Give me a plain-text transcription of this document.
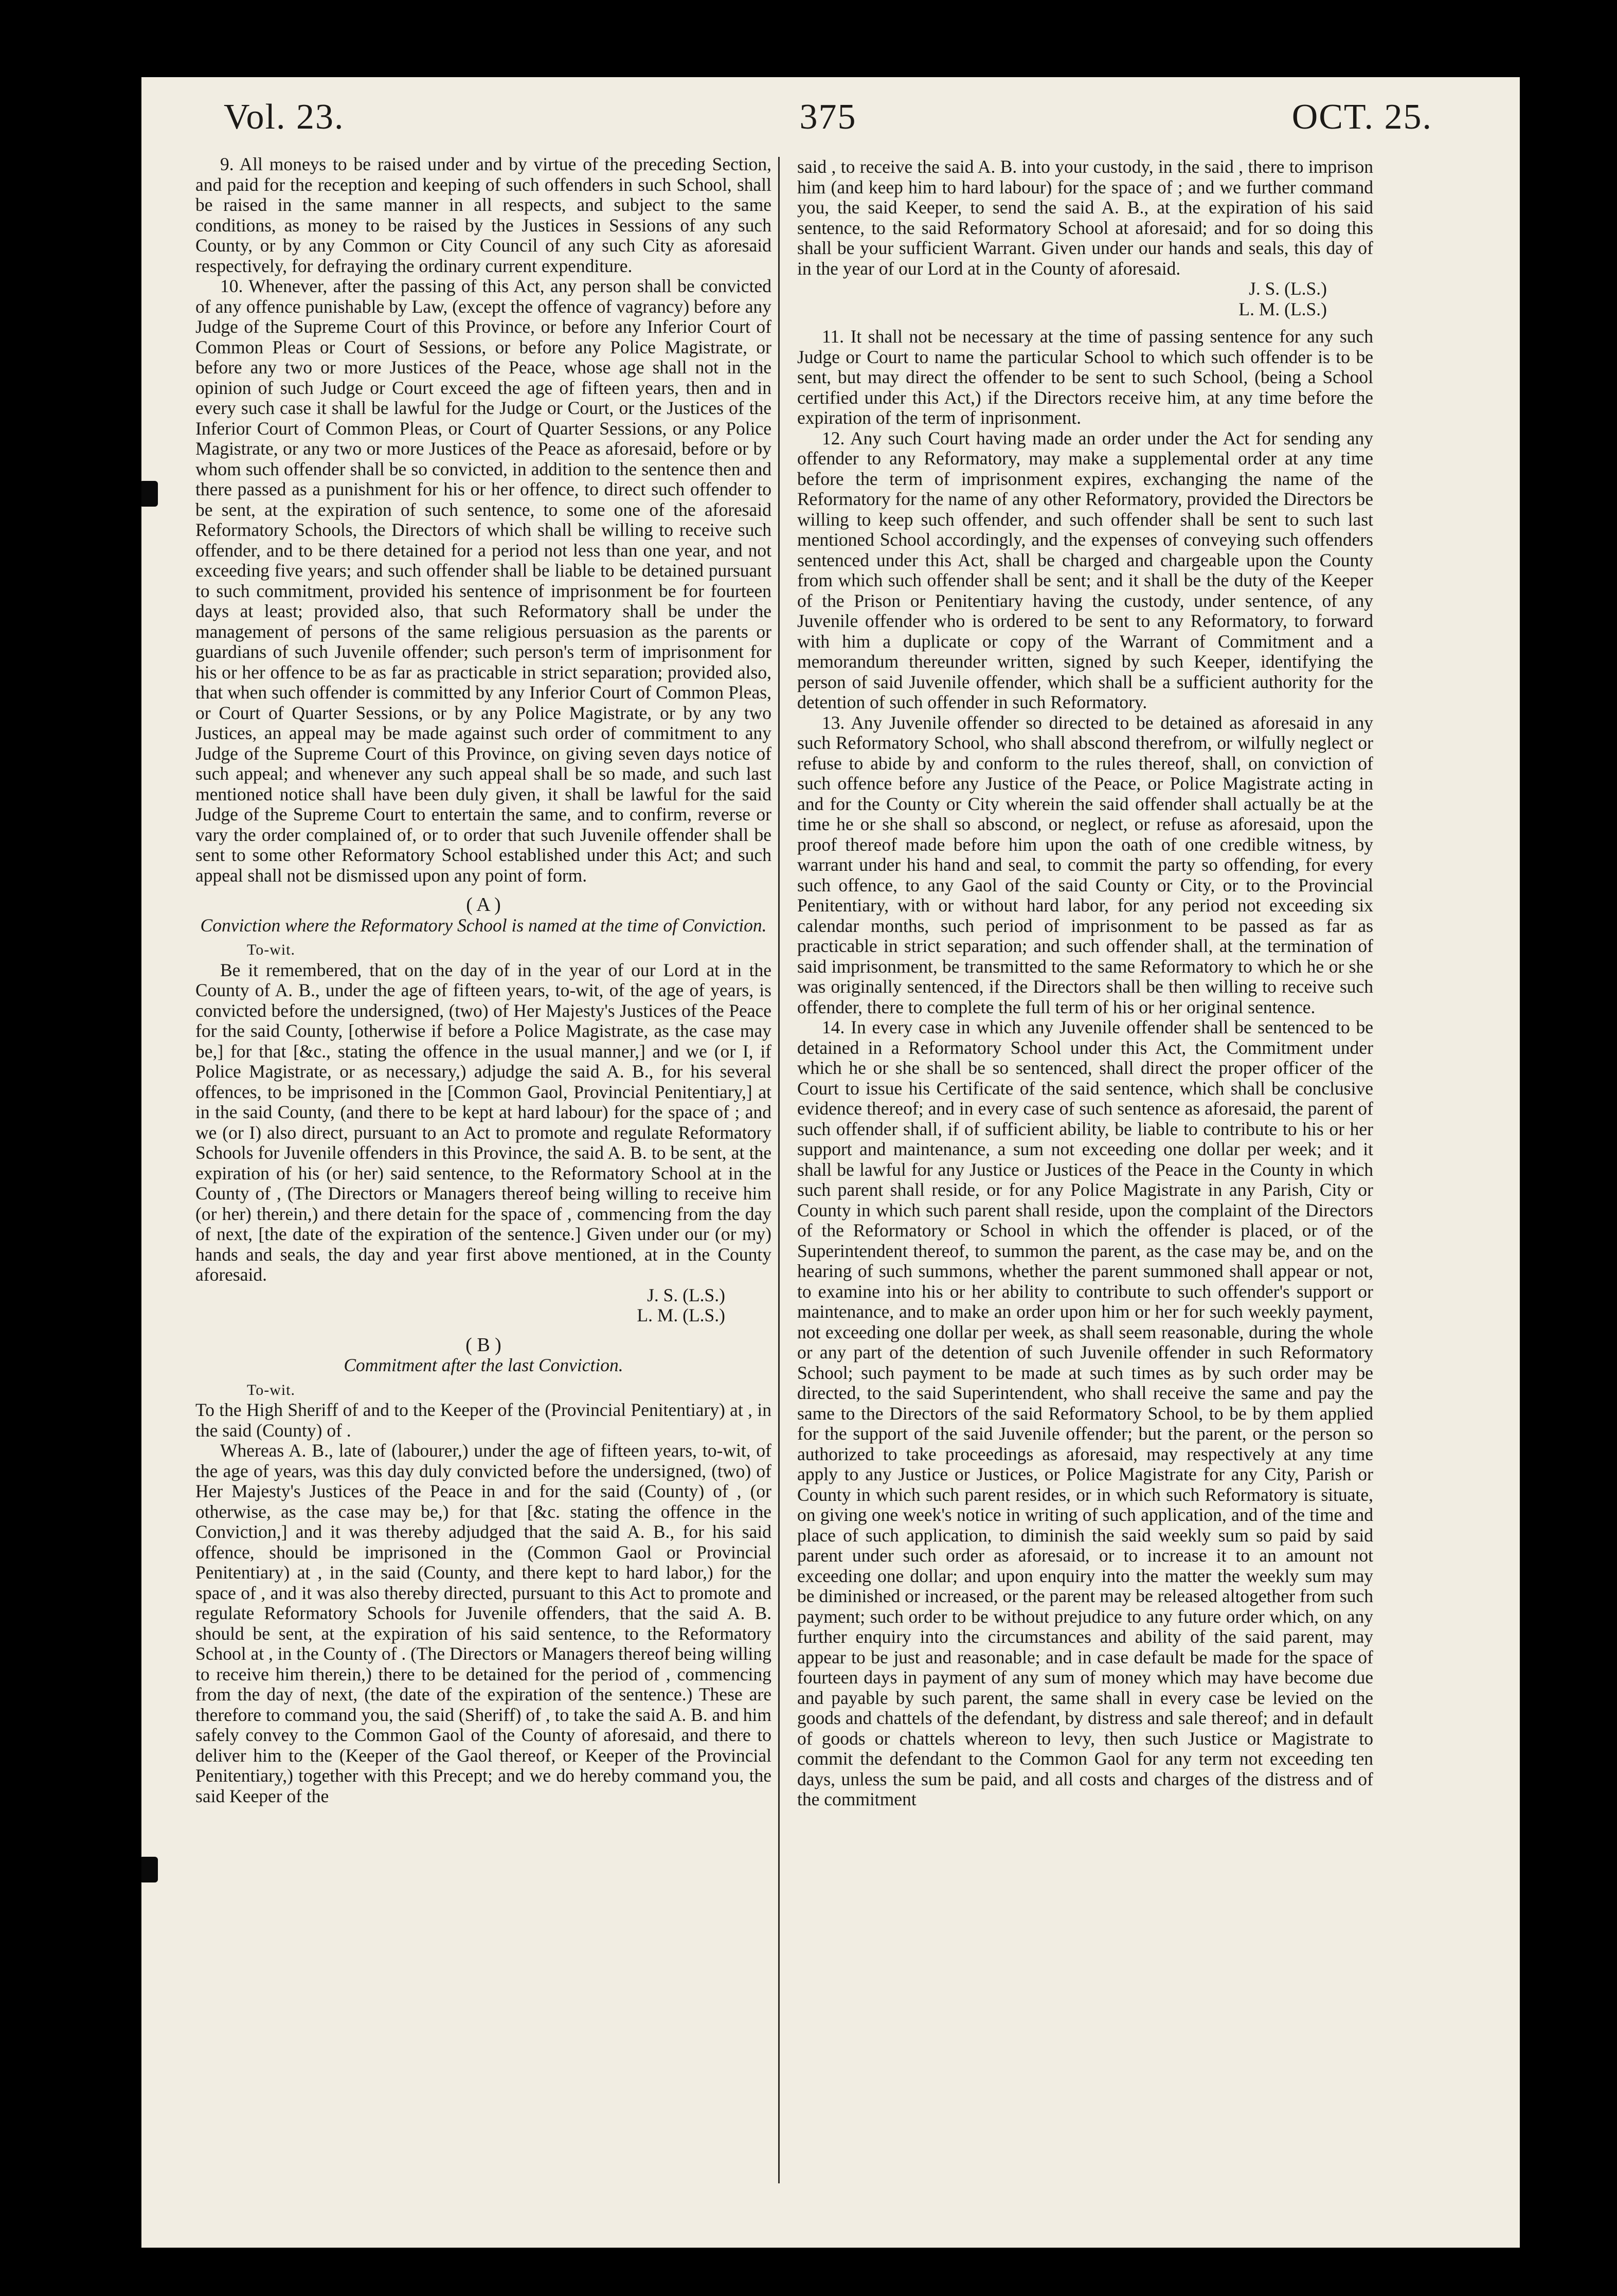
Vol. 23.	375	OCT. 25.

9. All moneys to be raised under and by virtue of the preceding Section, and paid for the reception and keeping of such offenders in such School, shall be raised in the same manner in all respects, and subject to the same conditions, as money to be raised by the Justices in Sessions of any such County, or by any Common or City Council of any such City as aforesaid respectively, for defraying the ordinary current expenditure.

10. Whenever, after the passing of this Act, any person shall be convicted of any offence punishable by Law, (except the offence of vagrancy) before any Judge of the Supreme Court of this Province, or before any Inferior Court of Common Pleas or Court of Sessions, or before any Police Magistrate, or before any two or more Justices of the Peace, whose age shall not in the opinion of such Judge or Court exceed the age of fifteen years, then and in every such case it shall be lawful for the Judge or Court, or the Justices of the Inferior Court of Common Pleas, or Court of Quarter Sessions, or any Police Magistrate, or any two or more Justices of the Peace as aforesaid, before or by whom such offender shall be so convicted, in addition to the sentence then and there passed as a punishment for his or her offence, to direct such offender to be sent, at the expiration of such sentence, to some one of the aforesaid Reformatory Schools, the Directors of which shall be willing to receive such offender, and to be there detained for a period not less than one year, and not exceeding five years; and such offender shall be liable to be detained pursuant to such commitment, provided his sentence of imprisonment be for fourteen days at least; provided also, that such Reformatory shall be under the management of persons of the same religious persuasion as the parents or guardians of such Juvenile offender; such person's term of imprisonment for his or her offence to be as far as practicable in strict separation; provided also, that when such offender is committed by any Inferior Court of Common Pleas, or Court of Quarter Sessions, or by any Police Magistrate, or by any two Justices, an appeal may be made against such order of commitment to any Judge of the Supreme Court of this Province, on giving seven days notice of such appeal; and whenever any such appeal shall be so made, and such last mentioned notice shall have been duly given, it shall be lawful for the said Judge of the Supreme Court to entertain the same, and to confirm, reverse or vary the order complained of, or to order that such Juvenile offender shall be sent to some other Reformatory School established under this Act; and such appeal shall not be dismissed upon any point of form.

( A )

Conviction where the Reformatory School is named at the time of Conviction.

To-wit.

Be it remembered, that on the day of in the year of our Lord at in the County of A. B., under the age of fifteen years, to-wit, of the age of years, is convicted before the undersigned, (two) of Her Majesty's Justices of the Peace for the said County, [otherwise if before a Police Magistrate, as the case may be,] for that [&c., stating the offence in the usual manner,] and we (or I, if Police Magistrate, or as necessary,) adjudge the said A. B., for his several offences, to be imprisoned in the [Common Gaol, Provincial Penitentiary,] at in the said County, (and there to be kept at hard labour) for the space of ; and we (or I) also direct, pursuant to an Act to promote and regulate Reformatory Schools for Juvenile offenders in this Province, the said A. B. to be sent, at the expiration of his (or her) said sentence, to the Reformatory School at in the County of , (The Directors or Managers thereof being willing to receive him (or her) therein,) and there detain for the space of , commencing from the day of next, [the date of the expiration of the sentence.] Given under our (or my) hands and seals, the day and year first above mentioned, at in the County aforesaid.

J. S. (L.S.)

L. M. (L.S.)

( B )

Commitment after the last Conviction.

To-wit.

To the High Sheriff of and to the Keeper of the (Provincial Penitentiary) at , in the said (County) of .

Whereas A. B., late of (labourer,) under the age of fifteen years, to-wit, of the age of years, was this day duly convicted before the undersigned, (two) of Her Majesty's Justices of the Peace in and for the said (County) of , (or otherwise, as the case may be,) for that [&c. stating the offence in the Conviction,] and it was thereby adjudged that the said A. B., for his said offence, should be imprisoned in the (Common Gaol or Provincial Penitentiary) at , in the said (County, and there kept to hard labor,) for the space of , and it was also thereby directed, pursuant to this Act to promote and regulate Reformatory Schools for Juvenile offenders, that the said A. B. should be sent, at the expiration of his said sentence, to the Reformatory School at , in the County of . (The Directors or Managers thereof being willing to receive him therein,) there to be detained for the period of , commencing from the day of next, (the date of the expiration of the sentence.) These are therefore to command you, the said (Sheriff) of , to take the said A. B. and him safely convey to the Common Gaol of the County of aforesaid, and there to deliver him to the (Keeper of the Gaol thereof, or Keeper of the Provincial Penitentiary,) together with this Precept; and we do hereby command you, the said Keeper of the

said , to receive the said A. B. into your custody, in the said , there to imprison him (and keep him to hard labour) for the space of ; and we further command you, the said Keeper, to send the said A. B., at the expiration of his said sentence, to the said Reformatory School at aforesaid; and for so doing this shall be your sufficient Warrant. Given under our hands and seals, this day of in the year of our Lord at in the County of aforesaid.

J. S. (L.S.)

L. M. (L.S.)

11. It shall not be necessary at the time of passing sentence for any such Judge or Court to name the particular School to which such offender is to be sent, but may direct the offender to be sent to such School, (being a School certified under this Act,) if the Directors receive him, at any time before the expiration of the term of inprisonment.

12. Any such Court having made an order under the Act for sending any offender to any Reformatory, may make a supplemental order at any time before the term of imprisonment expires, exchanging the name of the Reformatory for the name of any other Reformatory, provided the Directors be willing to keep such offender, and such offender shall be sent to such last mentioned School accordingly, and the expenses of conveying such offenders sentenced under this Act, shall be charged and chargeable upon the County from which such offender shall be sent; and it shall be the duty of the Keeper of the Prison or Penitentiary having the custody, under sentence, of any Juvenile offender who is ordered to be sent to any Reformatory, to forward with him a duplicate or copy of the Warrant of Commitment and a memorandum thereunder written, signed by such Keeper, identifying the person of said Juvenile offender, which shall be a sufficient authority for the detention of such offender in such Reformatory.

13. Any Juvenile offender so directed to be detained as aforesaid in any such Reformatory School, who shall abscond therefrom, or wilfully neglect or refuse to abide by and conform to the rules thereof, shall, on conviction of such offence before any Justice of the Peace, or Police Magistrate acting in and for the County or City wherein the said offender shall actually be at the time he or she shall so abscond, or neglect, or refuse as aforesaid, upon the proof thereof made before him upon the oath of one credible witness, by warrant under his hand and seal, to commit the party so offending, for every such offence, to any Gaol of the said County or City, or to the Provincial Penitentiary, with or without hard labor, for any period not exceeding six calendar months, such period of imprisonment to be passed as far as practicable in strict separation; and such offender shall, at the termination of said imprisonment, be transmitted to the same Reformatory to which he or she was originally sentenced, if the Directors shall be then willing to receive such offender, there to complete the full term of his or her original sentence.

14. In every case in which any Juvenile offender shall be sentenced to be detained in a Reformatory School under this Act, the Commitment under which he or she shall be so sentenced, shall direct the proper officer of the Court to issue his Certificate of the said sentence, which shall be conclusive evidence thereof; and in every case of such sentence as aforesaid, the parent of such offender shall, if of sufficient ability, be liable to contribute to his or her support and maintenance, a sum not exceeding one dollar per week; and it shall be lawful for any Justice or Justices of the Peace in the County in which such parent shall reside, or for any Police Magistrate in any Parish, City or County in which such parent shall reside, upon the complaint of the Directors of the Reformatory or School in which the offender is placed, or of the Superintendent thereof, to summon the parent, as the case may be, and on the hearing of such summons, whether the parent summoned shall appear or not, to examine into his or her ability to contribute to such offender's support or maintenance, and to make an order upon him or her for such weekly payment, not exceeding one dollar per week, as shall seem reasonable, during the whole or any part of the detention of such Juvenile offender in such Reformatory School; such payment to be made at such times as by such order may be directed, to the said Superintendent, who shall receive the same and pay the same to the Directors of the said Reformatory School, to be by them applied for the support of the said Juvenile offender; but the parent, or the person so authorized to take proceedings as aforesaid, may respectively at any time apply to any Justice or Justices, or Police Magistrate for any City, Parish or County in which such parent resides, or in which such Reformatory is situate, on giving one week's notice in writing of such application, and of the time and place of such application, to diminish the said weekly sum so paid by said parent under such order as aforesaid, or to increase it to an amount not exceeding one dollar; and upon enquiry into the matter the weekly sum may be diminished or increased, or the parent may be released altogether from such payment; such order to be without prejudice to any future order which, on any further enquiry into the circumstances and ability of the said parent, may appear to be just and reasonable; and in case default be made for the space of fourteen days in payment of any sum of money which may have become due and payable by such parent, the same shall in every case be levied on the goods and chattels of the defendant, by distress and sale thereof; and in default of goods or chattels whereon to levy, then such Justice or Magistrate to commit the defendant to the Common Gaol for any term not exceeding ten days, unless the sum be paid, and all costs and charges of the distress and of the commitment
